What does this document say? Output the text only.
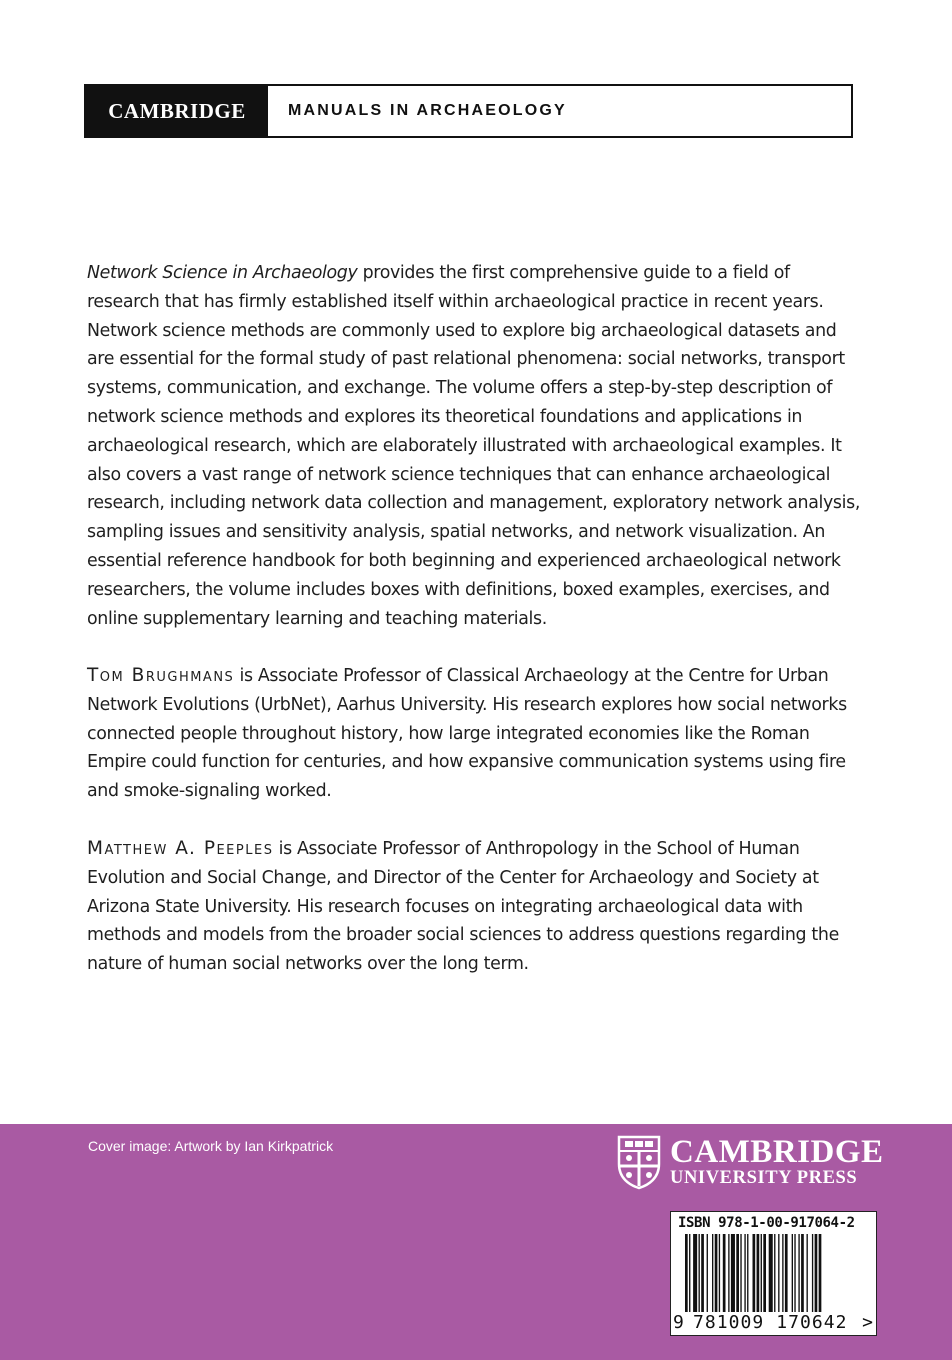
CAMBRIDGE	MANUALS IN ARCHAEOLOGY

Network Science in Archaeology provides the first comprehensive guide to a field of research that has firmly established itself within archaeological practice in recent years. Network science methods are commonly used to explore big archaeological datasets and are essential for the formal study of past relational phenomena: social networks, transport systems, communication, and exchange. The volume offers a step-by-step description of network science methods and explores its theoretical foundations and applications in archaeological research, which are elaborately illustrated with archaeological examples. It also covers a vast range of network science techniques that can enhance archaeological research, including network data collection and management, exploratory network analysis, sampling issues and sensitivity analysis, spatial networks, and network visualization. An essential reference handbook for both beginning and experienced archaeological network researchers, the volume includes boxes with definitions, boxed examples, exercises, and online supplementary learning and teaching materials.

Tom Brughmans is Associate Professor of Classical Archaeology at the Centre for Urban Network Evolutions (UrbNet), Aarhus University. His research explores how social networks connected people throughout history, how large integrated economies like the Roman Empire could function for centuries, and how expansive communication systems using fire and smoke-signaling worked.

Matthew A. Peeples is Associate Professor of Anthropology in the School of Human Evolution and Social Change, and Director of the Center for Archaeology and Society at Arizona State University. His research focuses on integrating archaeological data with methods and models from the broader social sciences to address questions regarding the nature of human social networks over the long term.

Cover image: Artwork by Ian Kirkpatrick	CAMBRIDGE
UNIVERSITY PRESS
ISBN 978-1-00-917064-2
9 781009 170642 >
